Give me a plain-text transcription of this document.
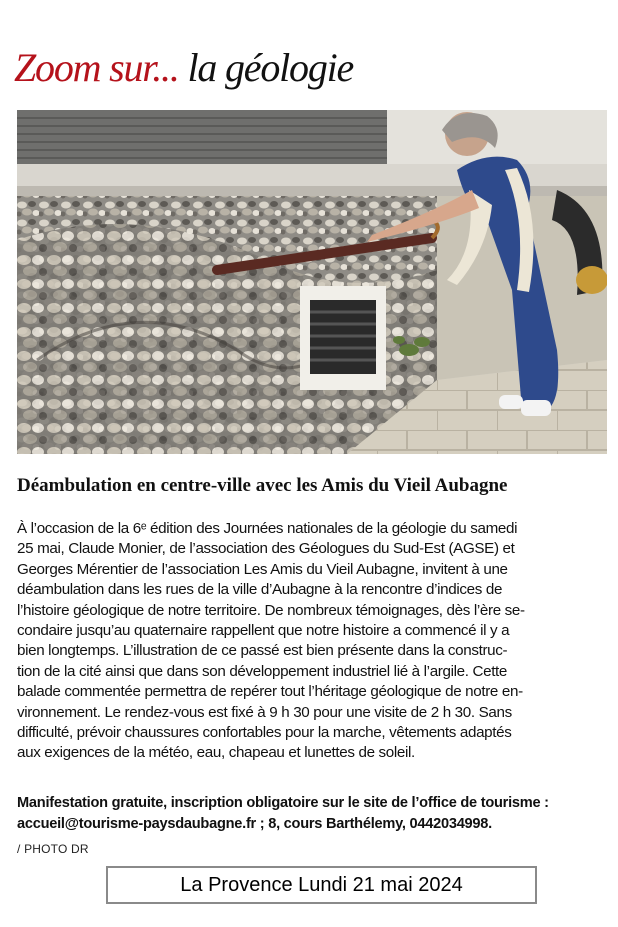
Zoom sur... la géologie
Déambulation en centre-ville avec les Amis du Vieil Aubagne

À l’occasion de la 6ᵉ édition des Journées nationales de la géologie du samedi
25 mai, Claude Monier, de l’association des Géologues du Sud-Est (AGSE) et
Georges Mérentier de l’association Les Amis du Vieil Aubagne, invitent à une
déambulation dans les rues de la ville d’Aubagne à la rencontre d’indices de
l’histoire géologique de notre territoire. De nombreux témoignages, dès l’ère se-
condaire jusqu’au quaternaire rappellent que notre histoire a commencé il y a
bien longtemps. L’illustration de ce passé est bien présente dans la construc-
tion de la cité ainsi que dans son développement industriel lié à l’argile. Cette
balade commentée permettra de repérer tout l’héritage géologique de notre en-
vironnement. Le rendez-vous est fixé à 9 h 30 pour une visite de 2 h 30. Sans
difficulté, prévoir chaussures confortables pour la marche, vêtements adaptés
aux exigences de la météo, eau, chapeau et lunettes de soleil.

Manifestation gratuite, inscription obligatoire sur le site de l’office de tourisme :
accueil@tourisme-paysdaubagne.fr ; 8, cours Barthélemy, 0442034998.

/ PHOTO DR
La Provence Lundi 21 mai 2024
